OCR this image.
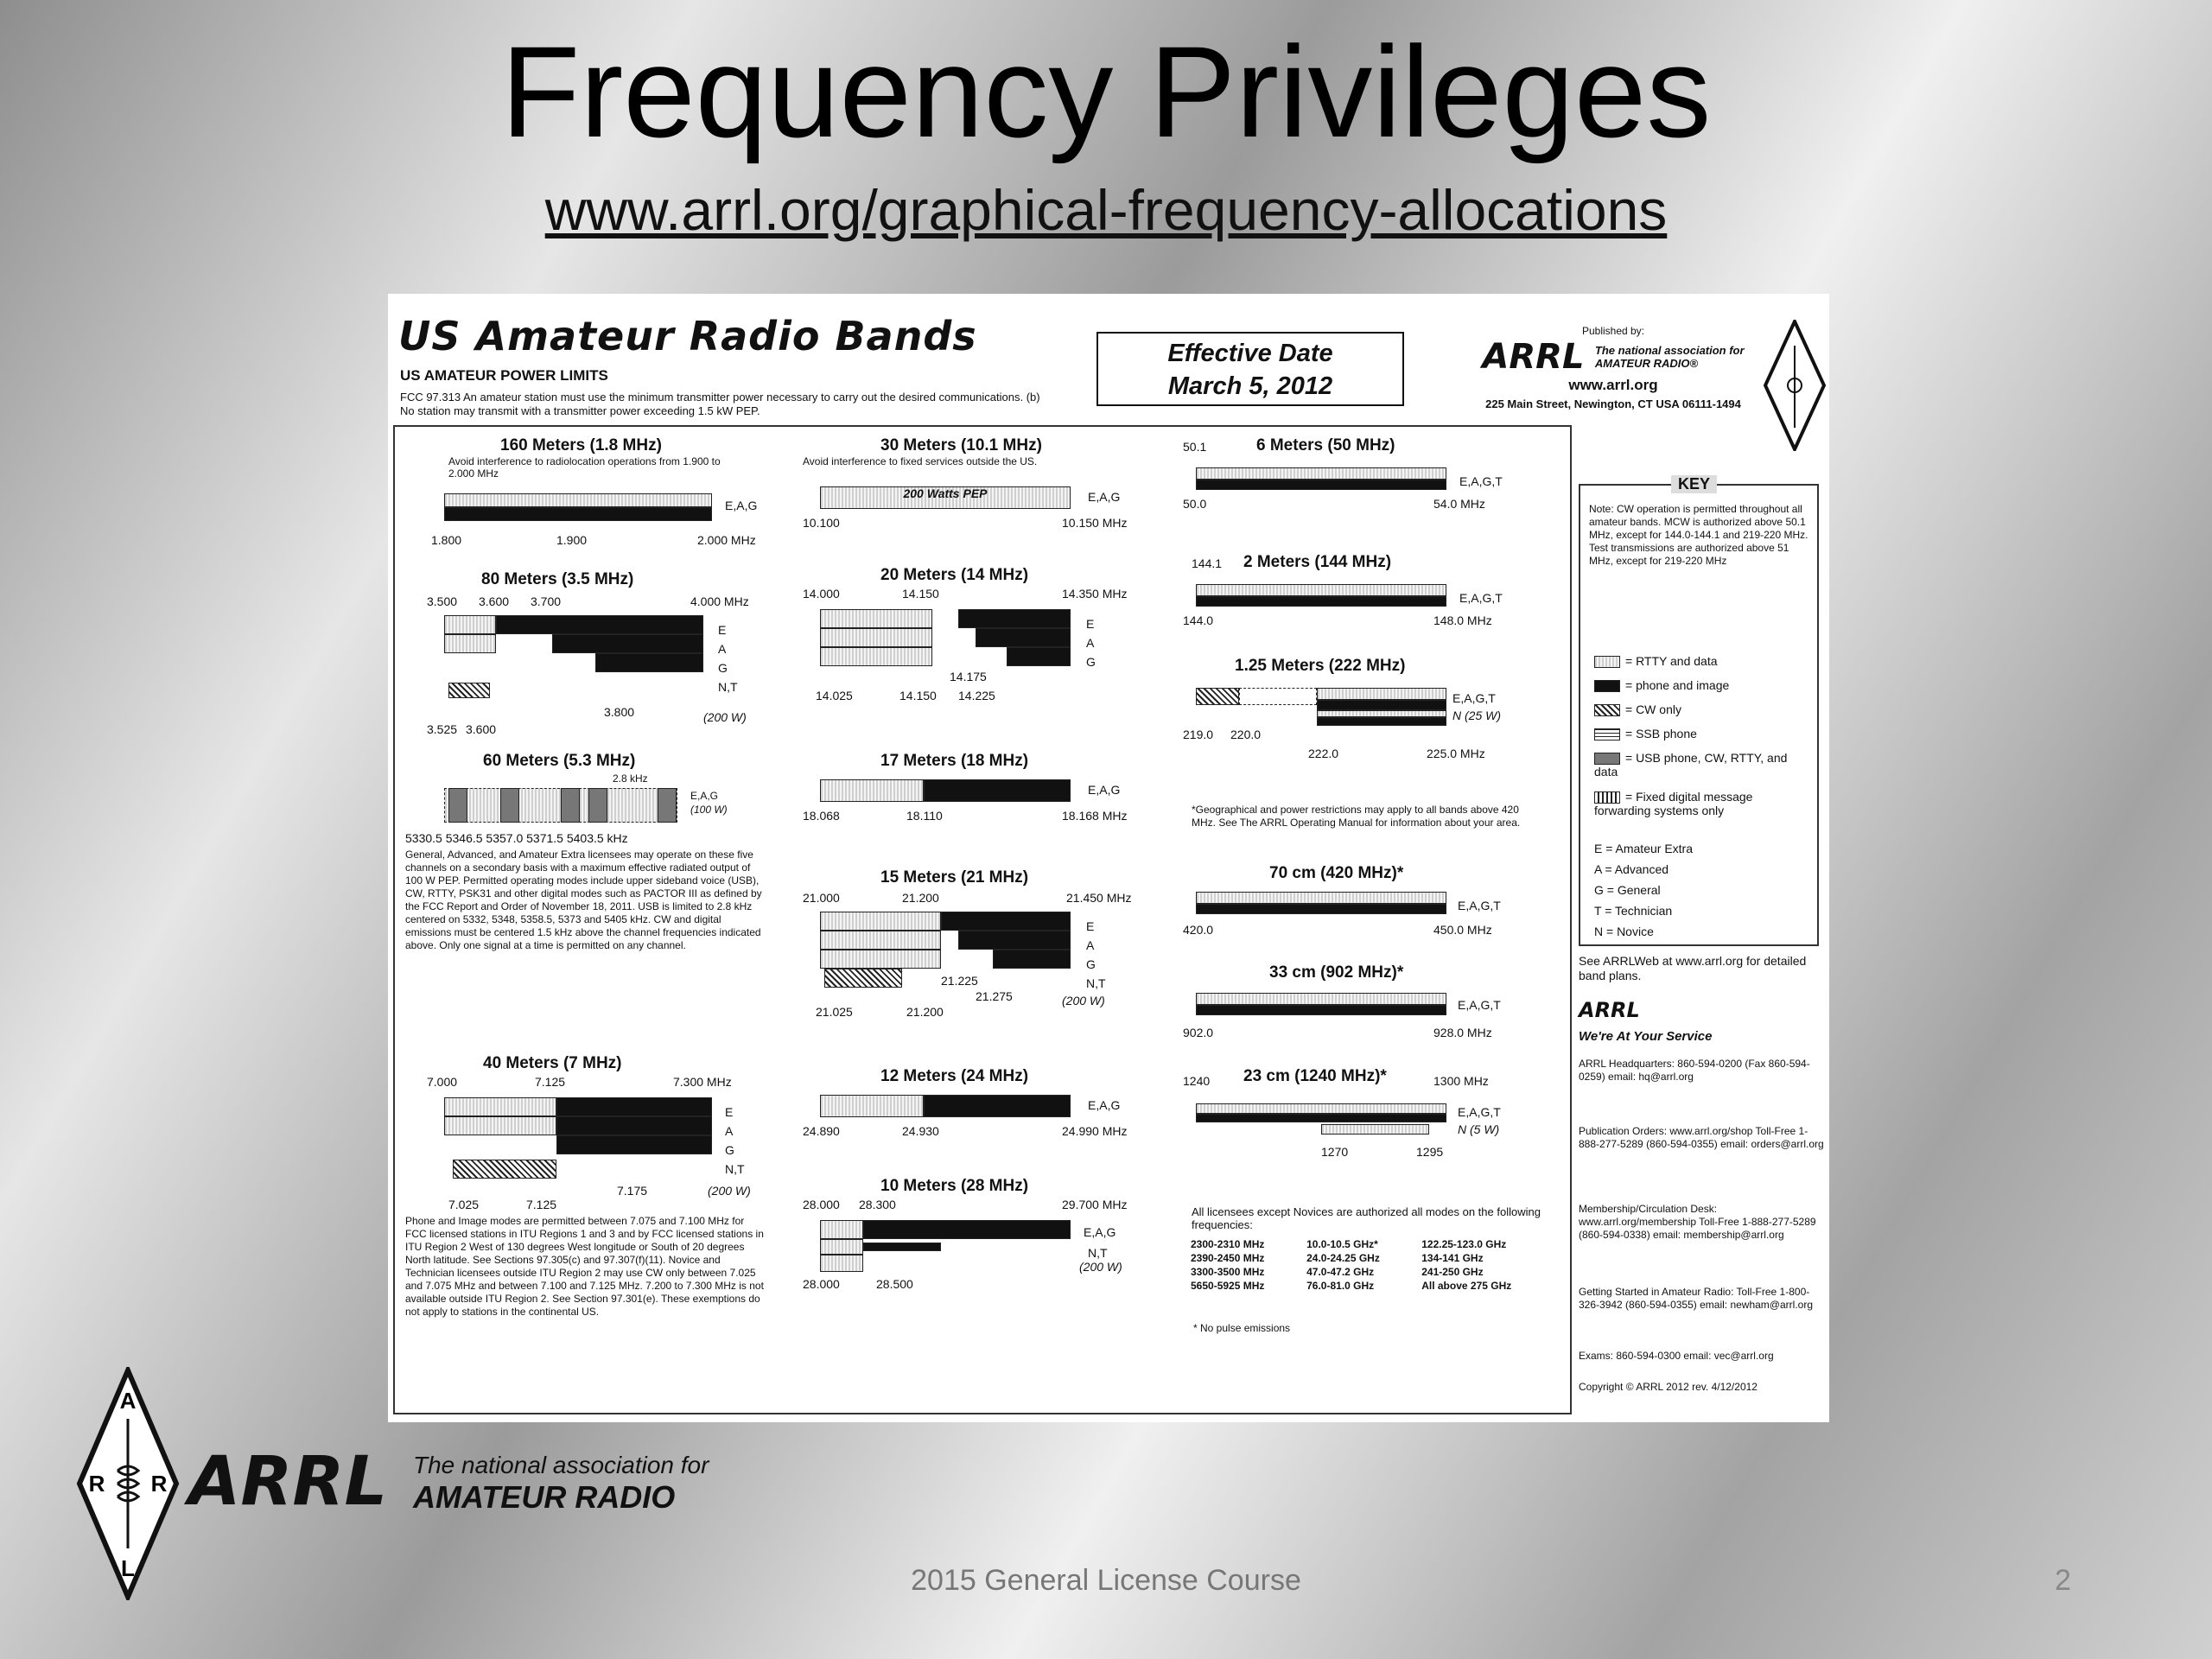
Frequency Privileges
www.arrl.org/graphical-frequency-allocations
US Amateur Radio Bands
US AMATEUR POWER LIMITS
FCC 97.313 An amateur station must use the minimum transmitter power necessary to carry out the desired communications. (b) No station may transmit with a transmitter power exceeding 1.5 kW PEP.
Effective Date
March 5, 2012
Published by:
ARRL The national association for
AMATEUR RADIO®
www.arrl.org
225 Main Street, Newington, CT USA 06111-1494
160 Meters (1.8 MHz)
Avoid interference to radiolocation operations from 1.900 to 2.000 MHz
E,A,G
1.800	1.900	2.000 MHz
80 Meters (3.5 MHz)
3.500 3.600 3.700	4.000 MHz
E
A
G
N,T
(200 W)
3.525 3.600
3.800
60 Meters (5.3 MHz)
2.8 kHz
E,A,G
(100 W)
5330.5 5346.5 5357.0 5371.5 5403.5 kHz
General, Advanced, and Amateur Extra licensees may operate on these five channels on a secondary basis with a maximum effective radiated output of 100 W PEP. Permitted operating modes include upper sideband voice (USB), CW, RTTY, PSK31 and other digital modes such as PACTOR III as defined by the FCC Report and Order of November 18, 2011. USB is limited to 2.8 kHz centered on 5332, 5348, 5358.5, 5373 and 5405 kHz. CW and digital emissions must be centered 1.5 kHz above the channel frequencies indicated above. Only one signal at a time is permitted on any channel.
40 Meters (7 MHz)
7.000	7.125	7.300 MHz
E
A
G
N,T
(200 W)
7.175
7.025	7.125
Phone and Image modes are permitted between 7.075 and 7.100 MHz for FCC licensed stations in ITU Regions 1 and 3 and by FCC licensed stations in ITU Region 2 West of 130 degrees West longitude or South of 20 degrees North latitude. See Sections 97.305(c) and 97.307(f)(11). Novice and Technician licensees outside ITU Region 2 may use CW only between 7.025 and 7.075 MHz and between 7.100 and 7.125 MHz. 7.200 to 7.300 MHz is not available outside ITU Region 2. See Section 97.301(e). These exemptions do not apply to stations in the continental US.
30 Meters (10.1 MHz)
Avoid interference to fixed services outside the US.
200 Watts PEP	E,A,G
10.100	10.150 MHz
20 Meters (14 MHz)
14.000	14.150	14.350 MHz
E
A
G
14.175
14.025	14.150 14.225
17 Meters (18 MHz)
E,A,G
18.068	18.110	18.168 MHz
15 Meters (21 MHz)
21.000	21.200	21.450 MHz
E
A
G
N,T
(200 W)
21.225
21.275
21.025	21.200
12 Meters (24 MHz)
E,A,G
24.890	24.930	24.990 MHz
10 Meters (28 MHz)
28.000 28.300	29.700 MHz
E,A,G
N,T
(200 W)
28.000	28.500
50.1	6 Meters (50 MHz)
E,A,G,T
50.0	54.0 MHz
144.1 2 Meters (144 MHz)
E,A,G,T
144.0	148.0 MHz
1.25 Meters (222 MHz)
E,A,G,T
N (25 W)
219.0 220.0
222.0	225.0 MHz
*Geographical and power restrictions may apply to all bands above 420 MHz. See The ARRL Operating Manual for information about your area.
70 cm (420 MHz)*
E,A,G,T
420.0	450.0 MHz
33 cm (902 MHz)*
E,A,G,T
902.0	928.0 MHz
1240 23 cm (1240 MHz)*	1300 MHz
E,A,G,T
N (5 W)
1270	1295
All licensees except Novices are authorized all modes on the following frequencies:
2300-2310 MHz	10.0-10.5 GHz*	122.25-123.0 GHz
2390-2450 MHz	24.0-24.25 GHz	134-141 GHz
3300-3500 MHz	47.0-47.2 GHz	241-250 GHz
5650-5925 MHz	76.0-81.0 GHz	All above 275 GHz
* No pulse emissions
KEY
Note: CW operation is permitted throughout all amateur bands. MCW is authorized above 50.1 MHz, except for 144.0-144.1 and 219-220 MHz. Test transmissions are authorized above 51 MHz, except for 219-220 MHz
= RTTY and data
= phone and image
= CW only
= SSB phone
= USB phone, CW, RTTY, and data
= Fixed digital message forwarding systems only
E = Amateur Extra
A = Advanced
G = General
T = Technician
N = Novice
See ARRLWeb at www.arrl.org for detailed band plans.
ARRL
We're At Your Service
ARRL Headquarters: 860-594-0200 (Fax 860-594-0259) email: hq@arrl.org
Publication Orders: www.arrl.org/shop Toll-Free 1-888-277-5289 (860-594-0355) email: orders@arrl.org
Membership/Circulation Desk: www.arrl.org/membership Toll-Free 1-888-277-5289 (860-594-0338) email: membership@arrl.org
Getting Started in Amateur Radio: Toll-Free 1-800-326-3942 (860-594-0355) email: newham@arrl.org
Exams: 860-594-0300 email: vec@arrl.org
Copyright © ARRL 2012 rev. 4/12/2012
A
R R
L
ARRL The national association for
AMATEUR RADIO
2015 General License Course	2
